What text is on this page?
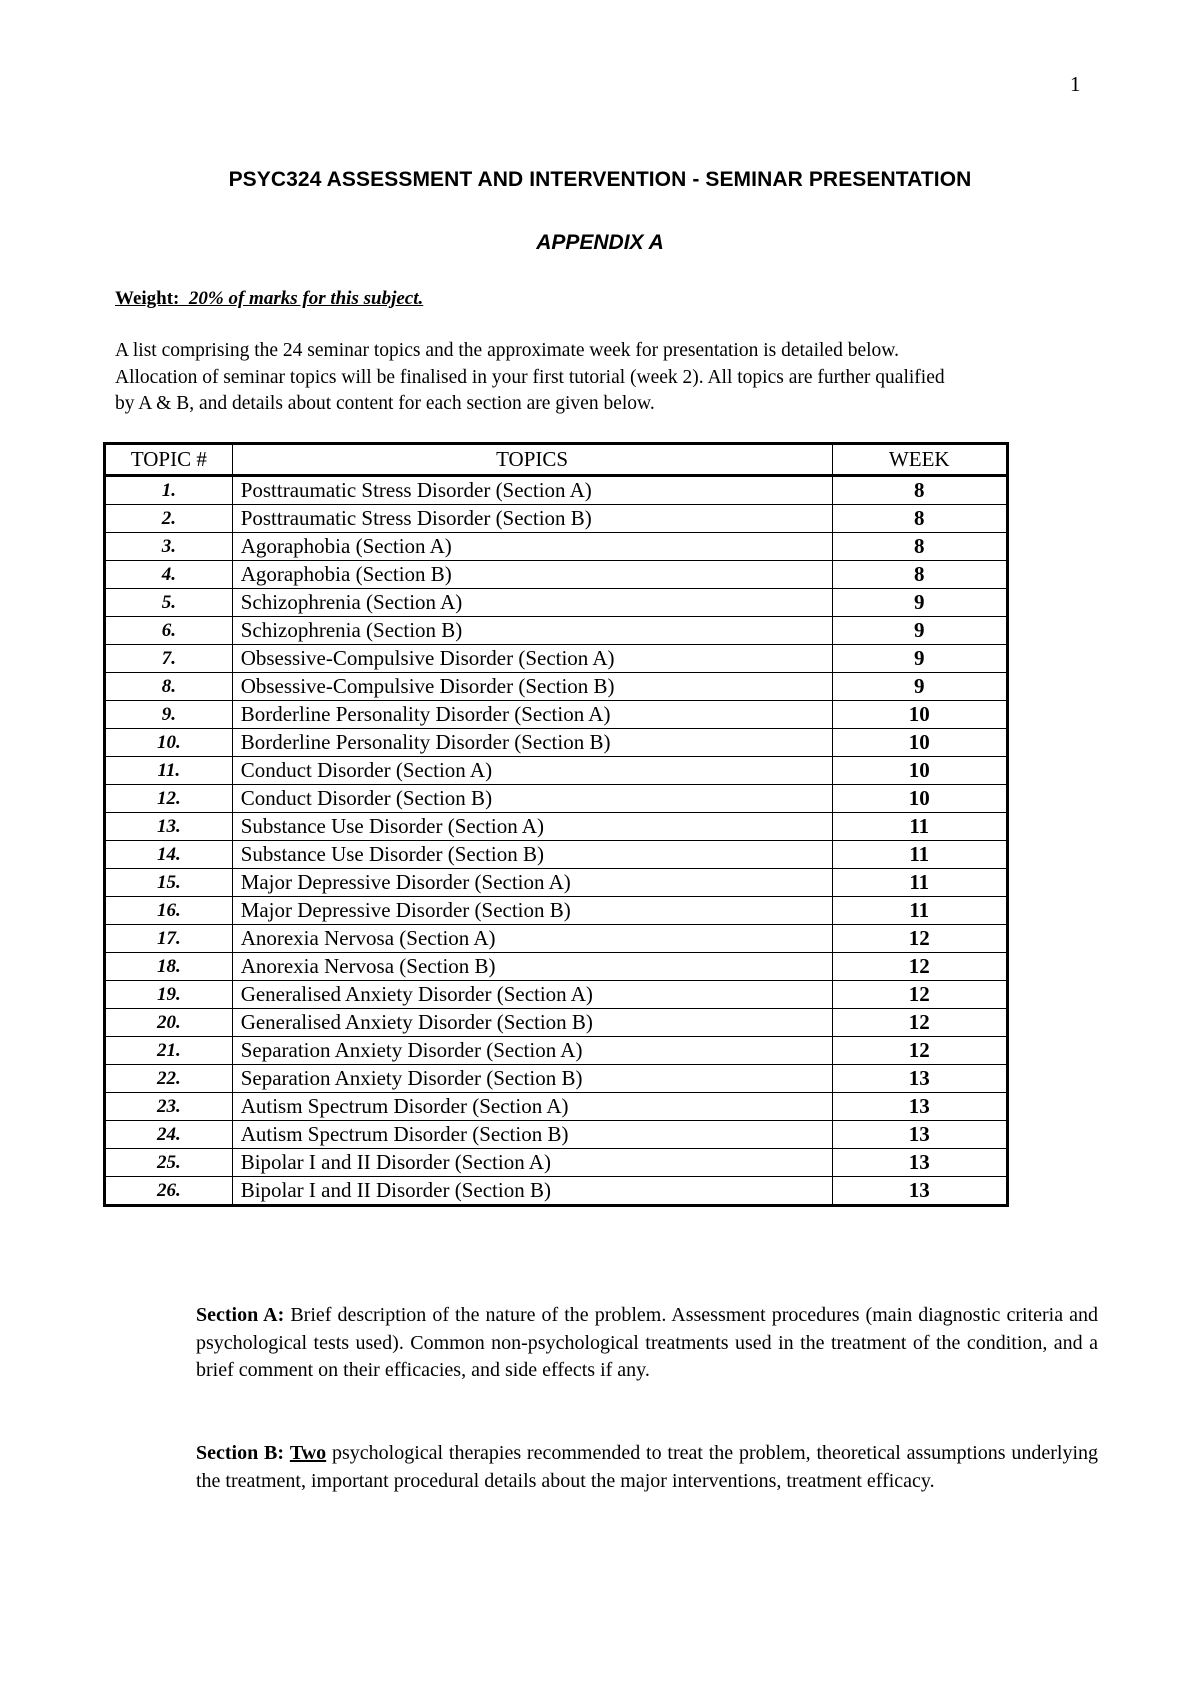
1
PSYC324 ASSESSMENT AND INTERVENTION - SEMINAR PRESENTATION
APPENDIX A
Weight: 20% of marks for this subject.
A list comprising the 24 seminar topics and the approximate week for presentation is detailed below.
Allocation of seminar topics will be finalised in your first tutorial (week 2). All topics are further qualified
by A & B, and details about content for each section are given below.
TOPIC #	TOPICS	WEEK
1.	Posttraumatic Stress Disorder (Section A)	8
2.	Posttraumatic Stress Disorder (Section B)	8
3.	Agoraphobia (Section A)	8
4.	Agoraphobia (Section B)	8
5.	Schizophrenia (Section A)	9
6.	Schizophrenia (Section B)	9
7.	Obsessive-Compulsive Disorder (Section A)	9
8.	Obsessive-Compulsive Disorder (Section B)	9
9.	Borderline Personality Disorder (Section A)	10
10.	Borderline Personality Disorder (Section B)	10
11.	Conduct Disorder (Section A)	10
12.	Conduct Disorder (Section B)	10
13.	Substance Use Disorder (Section A)	11
14.	Substance Use Disorder (Section B)	11
15.	Major Depressive Disorder (Section A)	11
16.	Major Depressive Disorder (Section B)	11
17.	Anorexia Nervosa (Section A)	12
18.	Anorexia Nervosa (Section B)	12
19.	Generalised Anxiety Disorder (Section A)	12
20.	Generalised Anxiety Disorder (Section B)	12
21.	Separation Anxiety Disorder (Section A)	12
22.	Separation Anxiety Disorder (Section B)	13
23.	Autism Spectrum Disorder (Section A)	13
24.	Autism Spectrum Disorder (Section B)	13
25.	Bipolar I and II Disorder (Section A)	13
26.	Bipolar I and II Disorder (Section B)	13
Section A: Brief description of the nature of the problem. Assessment procedures (main diagnostic criteria and psychological tests used). Common non-psychological treatments used in the treatment of the condition, and a brief comment on their efficacies, and side effects if any.
Section B: Two psychological therapies recommended to treat the problem, theoretical assumptions underlying the treatment, important procedural details about the major interventions, treatment efficacy.
